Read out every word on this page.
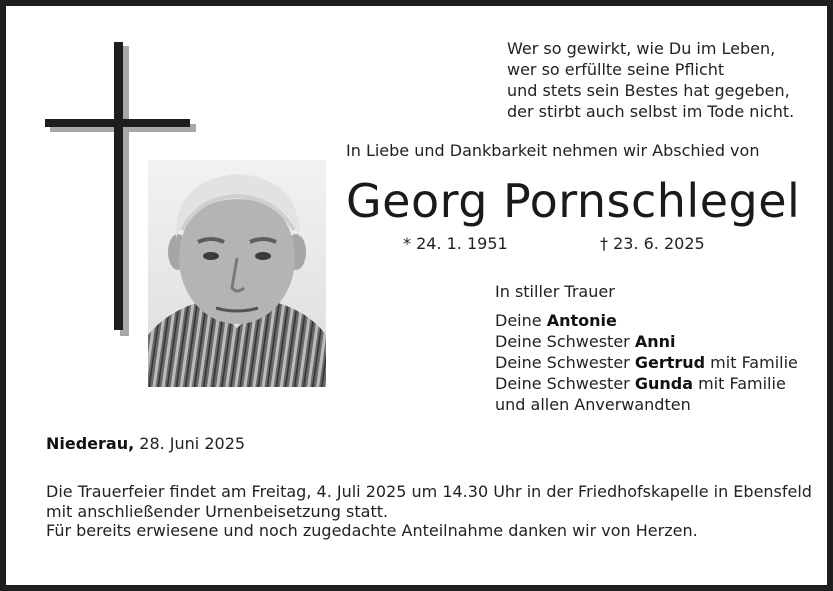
Wer so gewirkt, wie Du im Leben,
wer so erfüllte seine Pflicht
und stets sein Bestes hat gegeben,
der stirbt auch selbst im Tode nicht.
In Liebe und Dankbarkeit nehmen wir Abschied von
Georg Pornschlegel
* 24. 1. 1951	† 23. 6. 2025
In stiller Trauer
Deine Antonie
Deine Schwester Anni
Deine Schwester Gertrud mit Familie
Deine Schwester Gunda mit Familie
und allen Anverwandten
Niederau, 28. Juni 2025
Die Trauerfeier findet am Freitag, 4. Juli 2025 um 14.30 Uhr in der Friedhofskapelle in Ebensfeld
mit anschließender Urnenbeisetzung statt.
Für bereits erwiesene und noch zugedachte Anteilnahme danken wir von Herzen.
